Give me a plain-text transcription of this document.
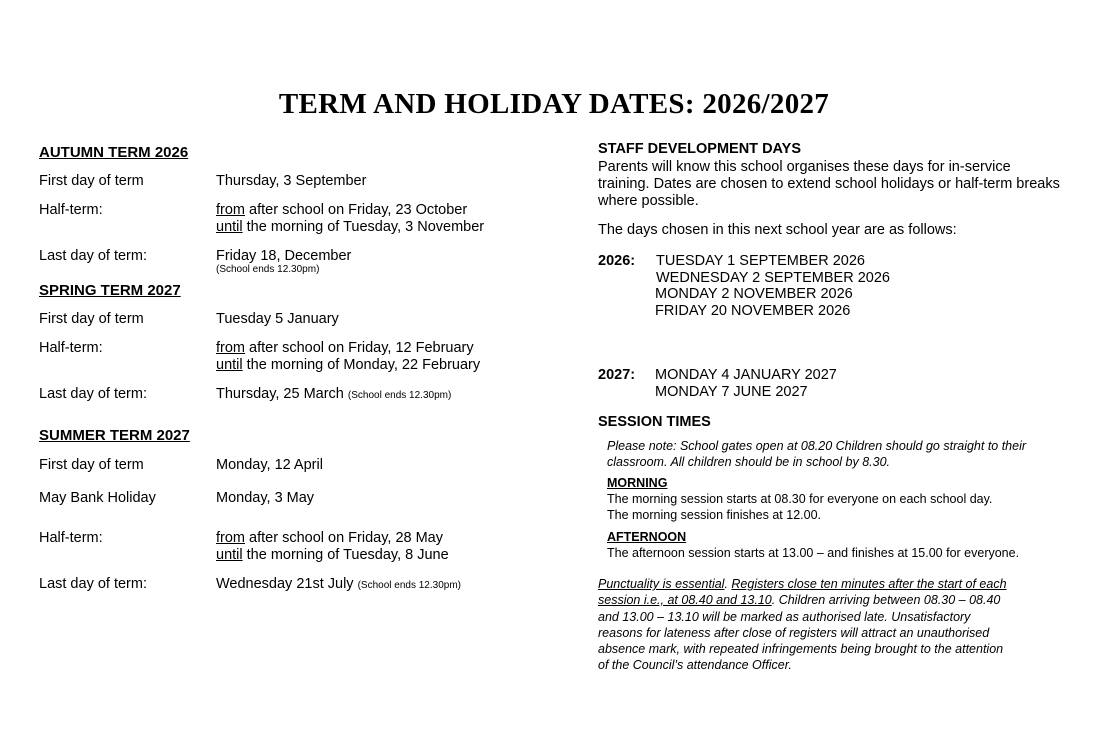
TERM AND HOLIDAY DATES: 2026/2027
AUTUMN TERM 2026
First day of term	Thursday, 3 September
Half-term:	from after school on Friday, 23 October
until the morning of Tuesday, 3 November
Last day of term:	Friday 18, December
(School ends 12.30pm)
SPRING TERM 2027
First day of term	Tuesday 5 January
Half-term:	from after school on Friday, 12 February
until the morning of Monday, 22 February
Last day of term:	Thursday, 25 March (School ends 12.30pm)
SUMMER TERM 2027
First day of term	Monday, 12 April
May Bank Holiday	Monday, 3 May
Half-term:	from after school on Friday, 28 May
until the morning of Tuesday, 8 June
Last day of term:	Wednesday 21st July (School ends 12.30pm)
STAFF DEVELOPMENT DAYS
Parents will know this school organises these days for in-service
training. Dates are chosen to extend school holidays or half-term breaks
where possible.
The days chosen in this next school year are as follows:
2026: TUESDAY 1 SEPTEMBER 2026
WEDNESDAY 2 SEPTEMBER 2026
MONDAY 2 NOVEMBER 2026
FRIDAY 20 NOVEMBER 2026
2027: MONDAY 4 JANUARY 2027
MONDAY 7 JUNE 2027
SESSION TIMES
Please note: School gates open at 08.20 Children should go straight to their
classroom. All children should be in school by 8.30.
MORNING
The morning session starts at 08.30 for everyone on each school day.
The morning session finishes at 12.00.
AFTERNOON
The afternoon session starts at 13.00 – and finishes at 15.00 for everyone.
Punctuality is essential. Registers close ten minutes after the start of each
session i.e., at 08.40 and 13.10. Children arriving between 08.30 – 08.40
and 13.00 – 13.10 will be marked as authorised late. Unsatisfactory
reasons for lateness after close of registers will attract an unauthorised
absence mark, with repeated infringements being brought to the attention
of the Council’s attendance Officer.
